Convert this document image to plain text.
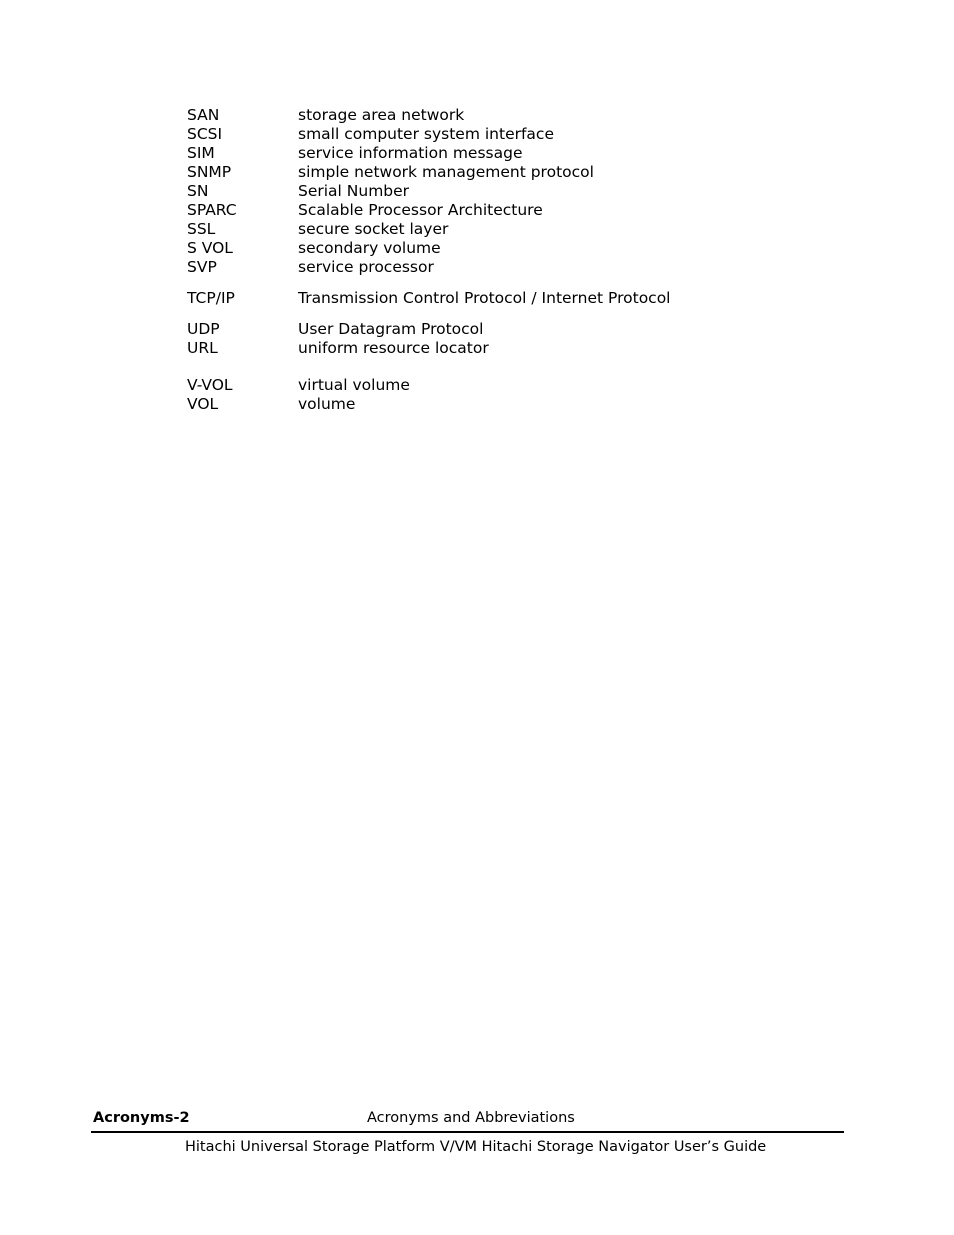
SAN	storage area network
SCSI	small computer system interface
SIM	service information message
SNMP	simple network management protocol
SN	Serial Number
SPARC	Scalable Processor Architecture
SSL	secure socket layer
S VOL	secondary volume
SVP	service processor
TCP/IP	Transmission Control Protocol / Internet Protocol
UDP	User Datagram Protocol
URL	uniform resource locator
V-VOL	virtual volume
VOL	volume
Acronyms-2	Acronyms and Abbreviations
Hitachi Universal Storage Platform V/VM Hitachi Storage Navigator User’s Guide
